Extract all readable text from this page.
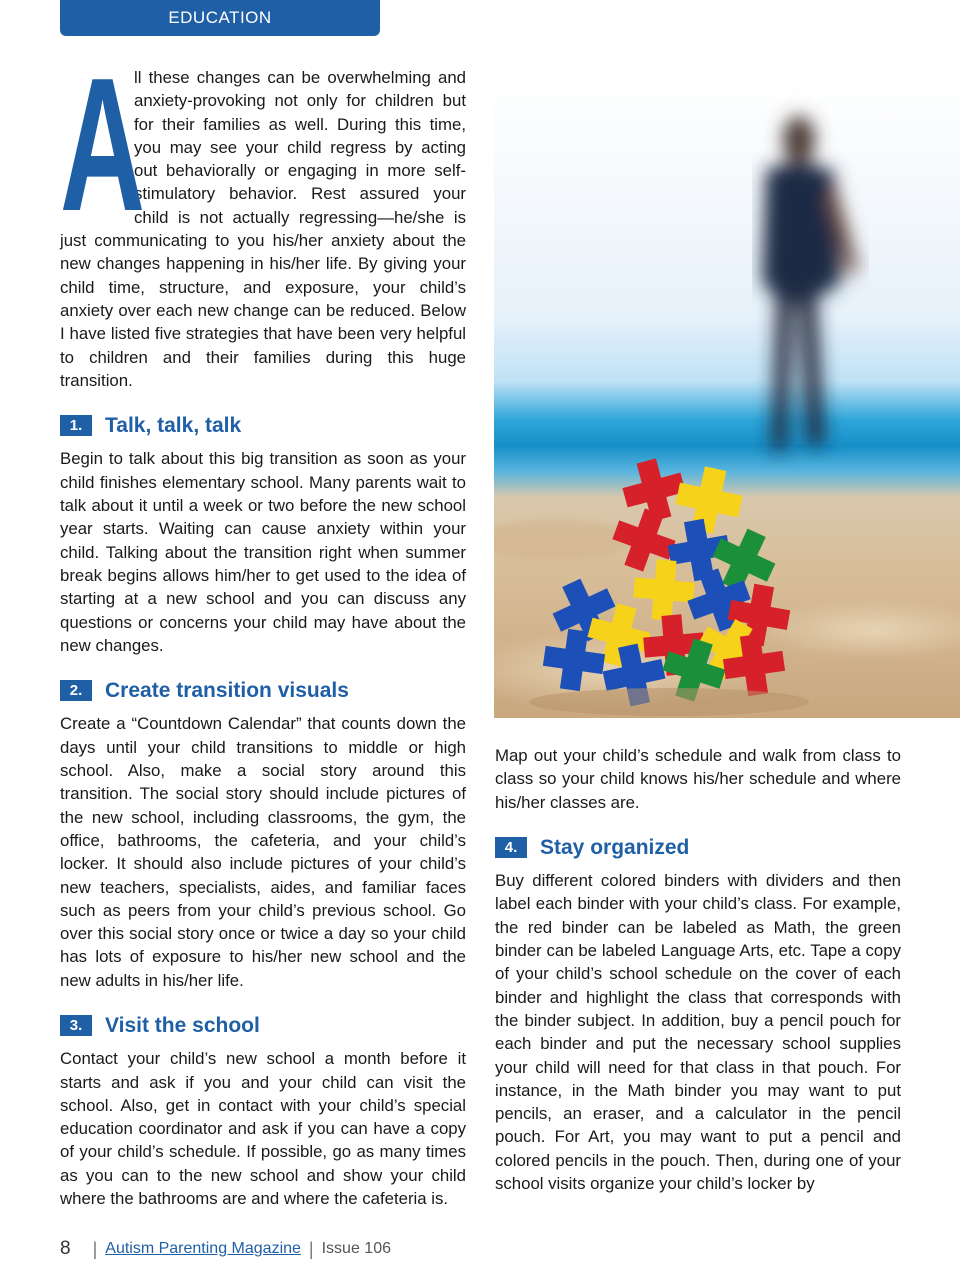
EDUCATION

A
ll these changes can be overwhelming and anxiety-provoking not only for children but for their families as well. During this time, you may see your child regress by acting out behaviorally or engaging in more self-stimulatory behavior. Rest assured your child is not actually regressing—he/she is just communicating to you his/her anxiety about the new changes happening in his/her life. By giving your child time, structure, and exposure, your child’s anxiety over each new change can be reduced. Below I have listed five strategies that have been very helpful to children and their families during this huge transition.

1.	Talk, talk, talk

Begin to talk about this big transition as soon as your child finishes elementary school. Many parents wait to talk about it until a week or two before the new school year starts. Waiting can cause anxiety within your child. Talking about the transition right when summer break begins allows him/her to get used to the idea of starting at a new school and you can discuss any questions or concerns your child may have about the new changes.

2.	Create transition visuals

Create a “Countdown Calendar” that counts down the days until your child transitions to middle or high school. Also, make a social story around this transition. The social story should include pictures of the new school, including classrooms, the gym, the office, bathrooms, the cafeteria, and your child’s locker. It should also include pictures of your child’s new teachers, specialists, aides, and familiar faces such as peers from your child’s previous school. Go over this social story once or twice a day so your child has lots of exposure to his/her new school and the new adults in his/her life.

3.	Visit the school

Contact your child’s new school a month before it starts and ask if you and your child can visit the school. Also, get in contact with your child’s special education coordinator and ask if you can have a copy of your child’s schedule. If possible, go as many times as you can to the new school and show your child where the bathrooms are and where the cafeteria is.

Map out your child’s schedule and walk from class to class so your child knows his/her schedule and where his/her classes are.

4.	Stay organized

Buy different colored binders with dividers and then label each binder with your child’s class. For example, the red binder can be labeled as Math, the green binder can be labeled Language Arts, etc. Tape a copy of your child’s school schedule on the cover of each binder and highlight the class that corresponds with the binder subject. In addition, buy a pencil pouch for each binder and put the necessary school supplies your child will need for that class in that pouch. For instance, in the Math binder you may want to put pencils, an eraser, and a calculator in the pencil pouch. For Art, you may want to put a pencil and colored pencils in the pouch. Then, during one of your school visits organize your child’s locker by

8 | Autism Parenting Magazine | Issue 106
